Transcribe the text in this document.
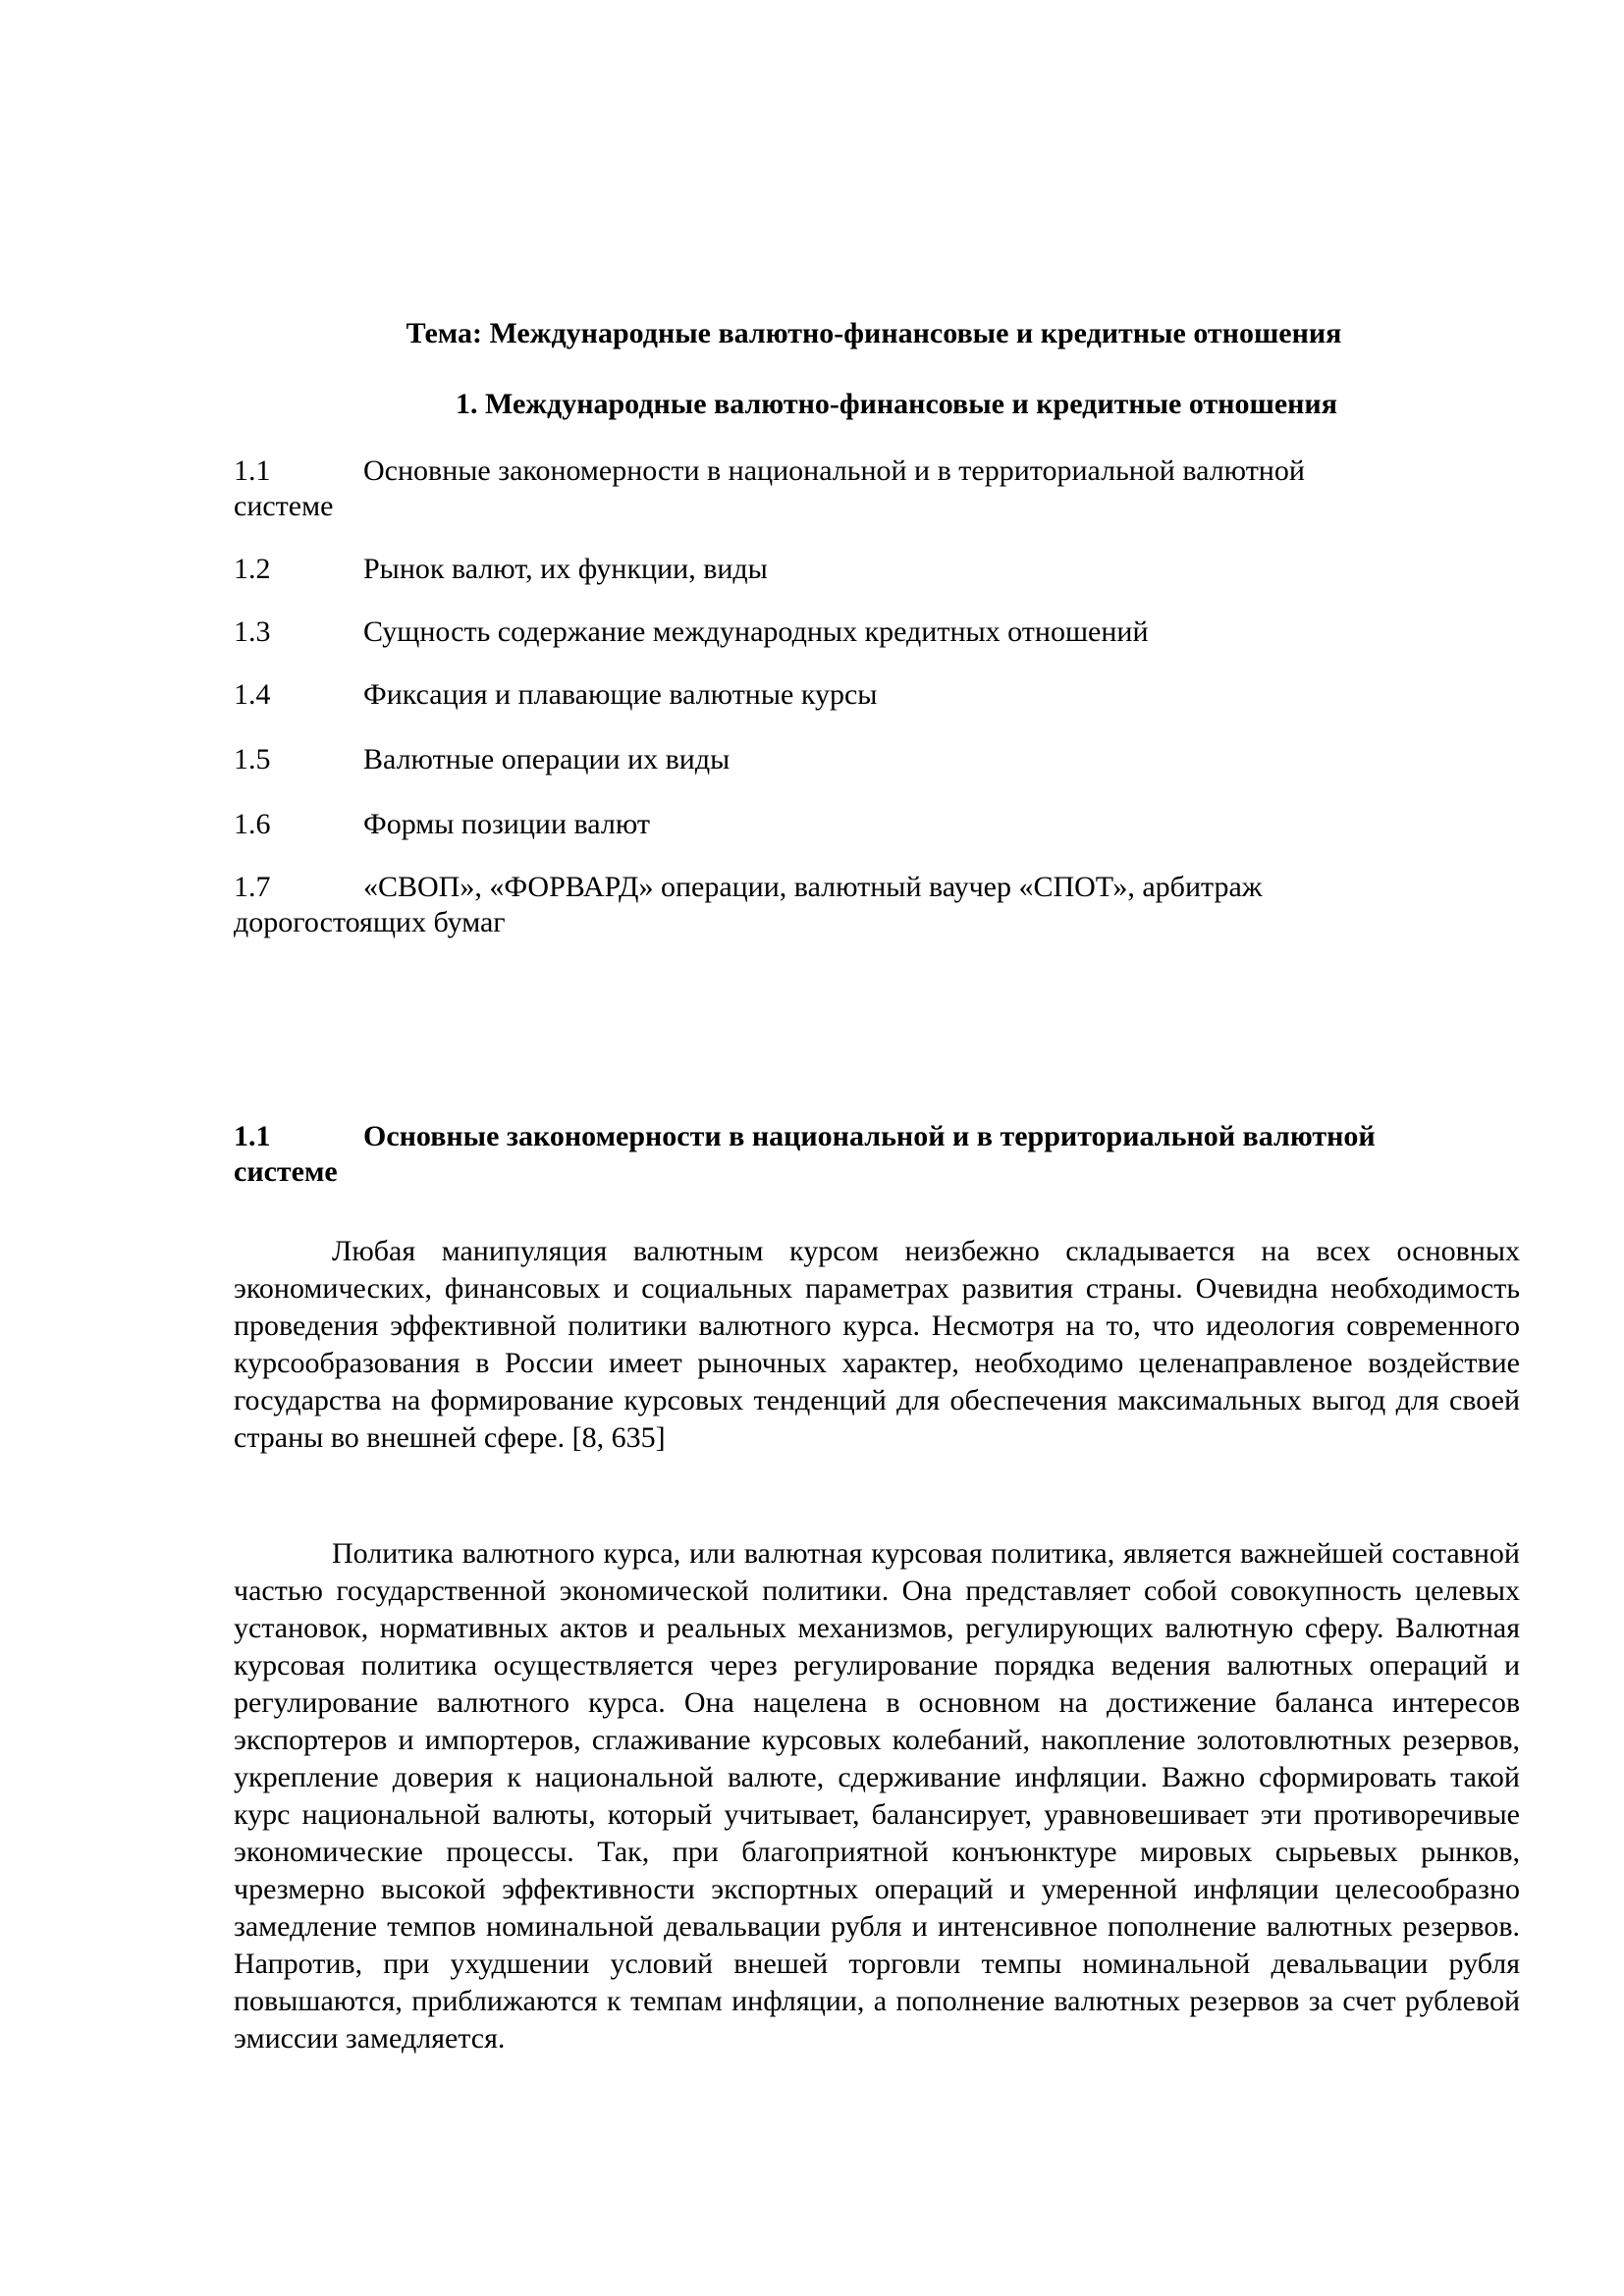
Тема: Международные валютно-финансовые и кредитные отношения
1. Международные валютно-финансовые и кредитные отношения
1.1	Основные закономерности в национальной и в территориальной валютной
системе
1.2	Рынок валют, их функции, виды
1.3	Сущность содержание международных кредитных отношений
1.4	Фиксация и плавающие валютные курсы
1.5	Валютные операции их виды
1.6	Формы позиции валют
1.7	«СВОП», «ФОРВАРД» операции, валютный ваучер «СПОТ», арбитраж
дорогостоящих бумаг
1.1	Основные закономерности в национальной и в территориальной валютной
системе

Любая манипуляция валютным курсом неизбежно складывается на всех основных экономических, финансовых и социальных параметрах развития страны. Очевидна необходимость проведения эффективной политики валютного курса. Несмотря на то, что идеология современного курсообразования в России имеет рыночных характер, необходимо целенаправленое воздействие государства на формирование курсовых тенденций для обеспечения максимальных выгод для своей страны во внешней сфере. [8, 635]

Политика валютного курса, или валютная курсовая политика, является важнейшей составной частью государственной экономической политики. Она представляет собой совокупность целевых установок, нормативных актов и реальных механизмов, регулирующих валютную сферу. Валютная курсовая политика осуществляется через регулирование порядка ведения валютных операций и регулирование валютного курса. Она нацелена в основном на достижение баланса интересов экспортеров и импортеров, сглаживание курсовых колебаний, накопление золотовлютных резервов, укрепление доверия к национальной валюте, сдерживание инфляции. Важно сформировать такой курс национальной валюты, который учитывает, балансирует, уравновешивает эти противоречивые экономические процессы. Так, при благоприятной конъюнктуре мировых сырьевых рынков, чрезмерно высокой эффективности экспортных операций и умеренной инфляции целесообразно замедление темпов номинальной девальвации рубля и интенсивное пополнение валютных резервов. Напротив, при ухудшении условий внешей торговли темпы номинальной девальвации рубля повышаются, приближаются к темпам инфляции, а пополнение валютных резервов за счет рублевой эмиссии замедляется.
